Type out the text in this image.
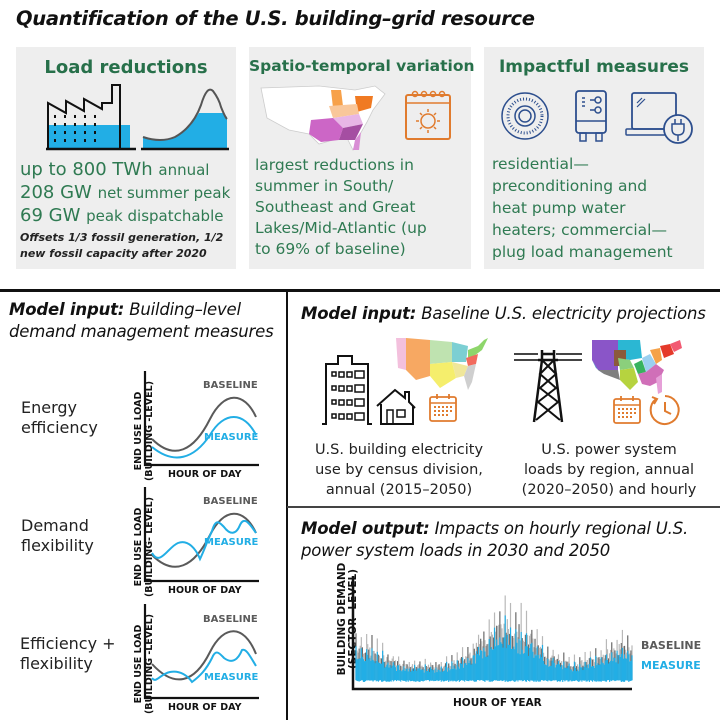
Quantification of the U.S. building–grid resource
Load reductions
up to 800 TWh annual
208 GW net summer peak
69 GW peak dispatchable
Offsets 1/3 fossil generation, 1/2
new fossil capacity after 2020
Spatio-temporal variation
largest reductions in
summer in South/
Southeast and Great
Lakes/Mid-Atlantic (up
to 69% of baseline)
Impactful measures
residential—
preconditioning and
heat pump water
heaters; commercial—
plug load management
Model input: Building–level
demand management measures
Energy
efficiency	END USE LOAD (BUILDING -LEVEL)	BASELINE
MEASURE
HOUR OF DAY
Demand
flexibility	END USE LOAD (BUILDING- LEVEL)	BASELINE
MEASURE
HOUR OF DAY
Efficiency +
flexibility	END USE LOAD (BUILDING -LEVEL)	BASELINE
MEASURE
HOUR OF DAY
Model input: Baseline U.S. electricity projections
U.S. building electricity
use by census division,
annual (2015–2050)
U.S. power system
loads by region, annual
(2020–2050) and hourly
Model output: Impacts on hourly regional U.S.
power system loads in 2030 and 2050
BUILDING DEMAND (SECTOR- LEVEL)	BASELINE
MEASURE
HOUR OF YEAR
